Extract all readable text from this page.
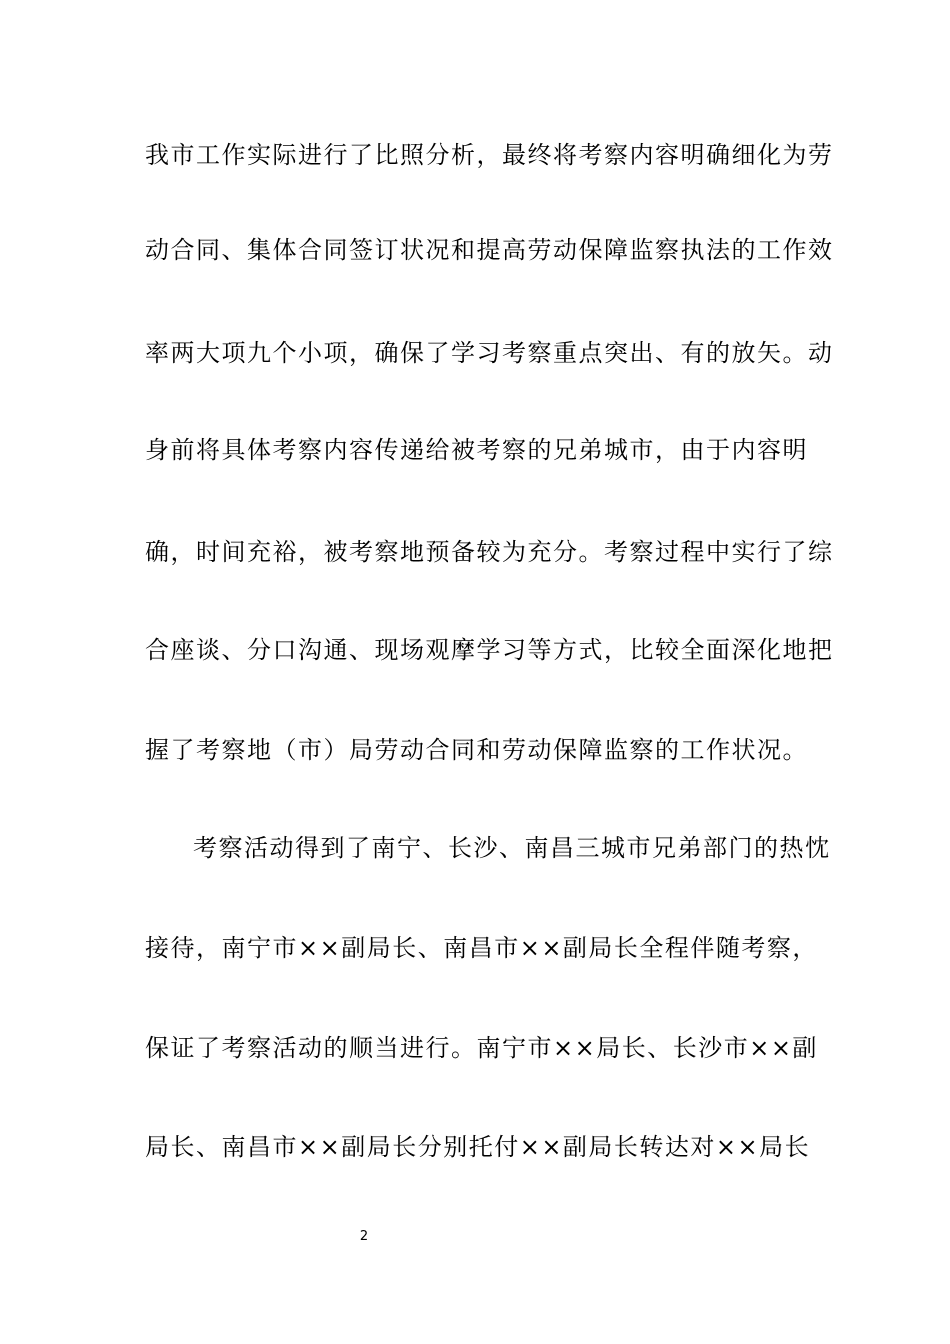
我市工作实际进行了比照分析，最终将考察内容明确细化为劳

动合同、集体合同签订状况和提高劳动保障监察执法的工作效

率两大项九个小项，确保了学习考察重点突出、有的放矢。动

身前将具体考察内容传递给被考察的兄弟城市，由于内容明

确，时间充裕，被考察地预备较为充分。考察过程中实行了综

合座谈、分口沟通、现场观摩学习等方式，比较全面深化地把

握了考察地（市）局劳动合同和劳动保障监察的工作状况。

考察活动得到了南宁、长沙、南昌三城市兄弟部门的热忱

接待，南宁市××副局长、南昌市××副局长全程伴随考察，

保证了考察活动的顺当进行。南宁市××局长、长沙市××副

局长、南昌市××副局长分别托付××副局长转达对××局长

2
